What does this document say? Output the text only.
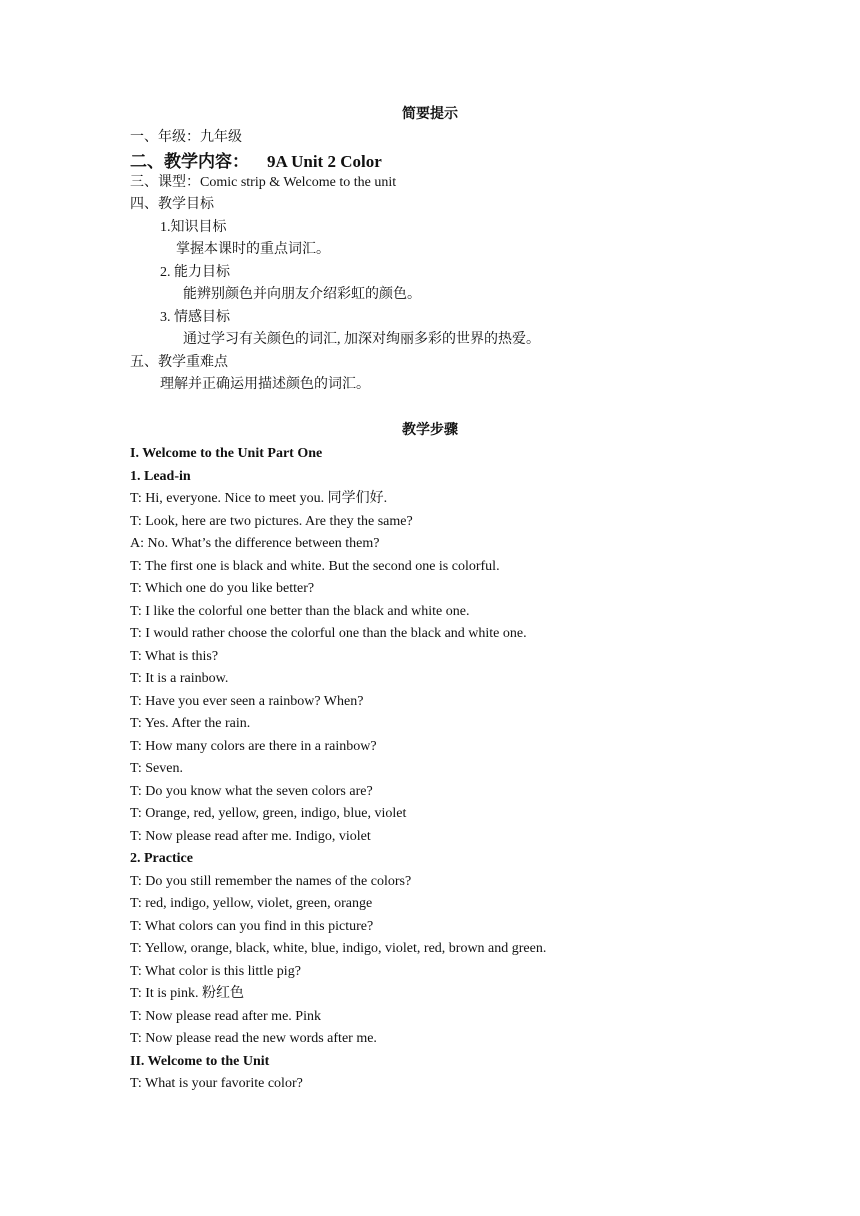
简要提示
一、年级：九年级
二、教学内容： 9A Unit 2 Color
三、课型：Comic strip & Welcome to the unit
四、教学目标
1.知识目标
掌握本课时的重点词汇。
2. 能力目标
能辨别颜色并向朋友介绍彩虹的颜色。
3. 情感目标
通过学习有关颜色的词汇, 加深对绚丽多彩的世界的热爱。
五、教学重难点
理解并正确运用描述颜色的词汇。
教学步骤
I. Welcome to the Unit Part One
1. Lead-in
T: Hi, everyone. Nice to meet you. 同学们好.
T: Look, here are two pictures. Are they the same?
A: No. What’s the difference between them?
T: The first one is black and white. But the second one is colorful.
T: Which one do you like better?
T: I like the colorful one better than the black and white one.
T: I would rather choose the colorful one than the black and white one.
T: What is this?
T: It is a rainbow.
T: Have you ever seen a rainbow? When?
T: Yes. After the rain.
T: How many colors are there in a rainbow?
T: Seven.
T: Do you know what the seven colors are?
T: Orange, red, yellow, green, indigo, blue, violet
T: Now please read after me. Indigo, violet
2. Practice
T: Do you still remember the names of the colors?
T: red, indigo, yellow, violet, green, orange
T: What colors can you find in this picture?
T: Yellow, orange, black, white, blue, indigo, violet, red, brown and green.
T: What color is this little pig?
T: It is pink. 粉红色
T: Now please read after me. Pink
T: Now please read the new words after me.
II. Welcome to the Unit
T: What is your favorite color?
